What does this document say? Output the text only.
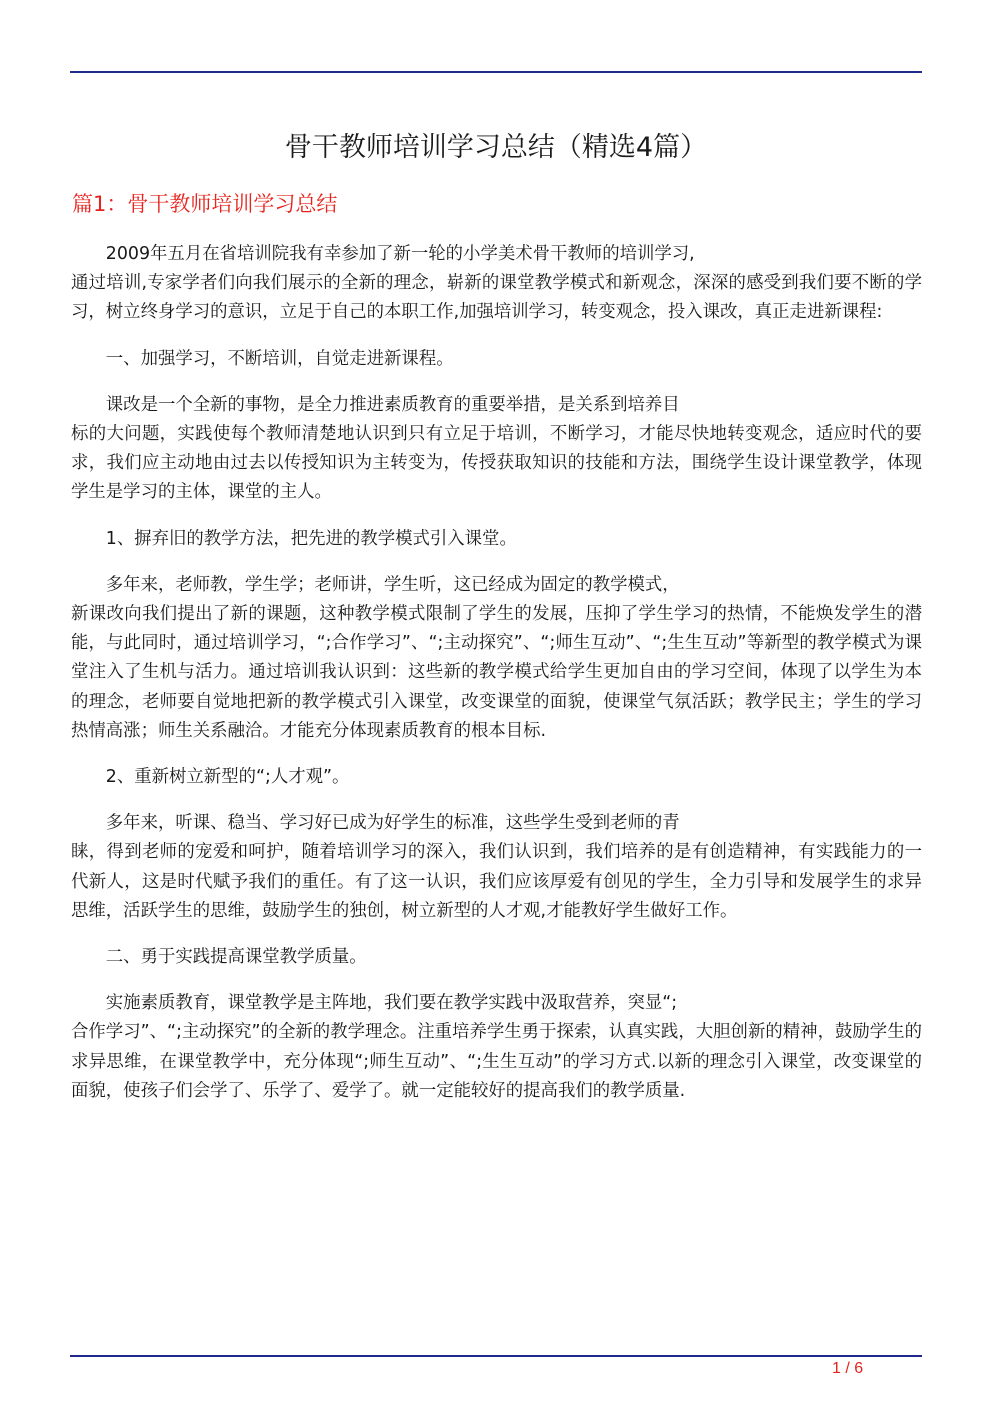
骨干教师培训学习总结（精选4篇）
篇1：骨干教师培训学习总结

　　2009年五月在省培训院我有幸参加了新一轮的小学美术骨干教师的培训学习,
通过培训,专家学者们向我们展示的全新的理念，崭新的课堂教学模式和新观念，深深的感受到我们要不断的学习，树立终身学习的意识，立足于自己的本职工作,加强培训学习，转变观念，投入课改，真正走进新课程:

　　一、加强学习，不断培训，自觉走进新课程。

　　课改是一个全新的事物，是全力推进素质教育的重要举措，是关系到培养目
标的大问题，实践使每个教师清楚地认识到只有立足于培训，不断学习，才能尽快地转变观念，适应时代的要求，我们应主动地由过去以传授知识为主转变为，传授获取知识的技能和方法，围绕学生设计课堂教学，体现学生是学习的主体，课堂的主人。

　　1、摒弃旧的教学方法，把先进的教学模式引入课堂。

　　多年来，老师教，学生学；老师讲，学生听，这已经成为固定的教学模式，
新课改向我们提出了新的课题，这种教学模式限制了学生的发展，压抑了学生学习的热情，不能焕发学生的潜能，与此同时，通过培训学习，“;合作学习”、“;主动探究”、“;师生互动”、“;生生互动”等新型的教学模式为课堂注入了生机与活力。通过培训我认识到：这些新的教学模式给学生更加自由的学习空间，体现了以学生为本的理念，老师要自觉地把新的教学模式引入课堂，改变课堂的面貌，使课堂气氛活跃；教学民主；学生的学习热情高涨；师生关系融洽。才能充分体现素质教育的根本目标.

　　2、重新树立新型的“;人才观”。

　　多年来，听课、稳当、学习好已成为好学生的标准，这些学生受到老师的青
睐，得到老师的宠爱和呵护，随着培训学习的深入，我们认识到，我们培养的是有创造精神，有实践能力的一代新人，这是时代赋予我们的重任。有了这一认识，我们应该厚爱有创见的学生，全力引导和发展学生的求异思维，活跃学生的思维，鼓励学生的独创，树立新型的人才观,才能教好学生做好工作。

　　二、勇于实践提高课堂教学质量。

　　实施素质教育，课堂教学是主阵地，我们要在教学实践中汲取营养，突显“;
合作学习”、“;主动探究”的全新的教学理念。注重培养学生勇于探索，认真实践，大胆创新的精神，鼓励学生的求异思维，在课堂教学中，充分体现“;师生互动”、“;生生互动”的学习方式.以新的理念引入课堂，改变课堂的面貌，使孩子们会学了、乐学了、爱学了。就一定能较好的提高我们的教学质量.

1 / 6
